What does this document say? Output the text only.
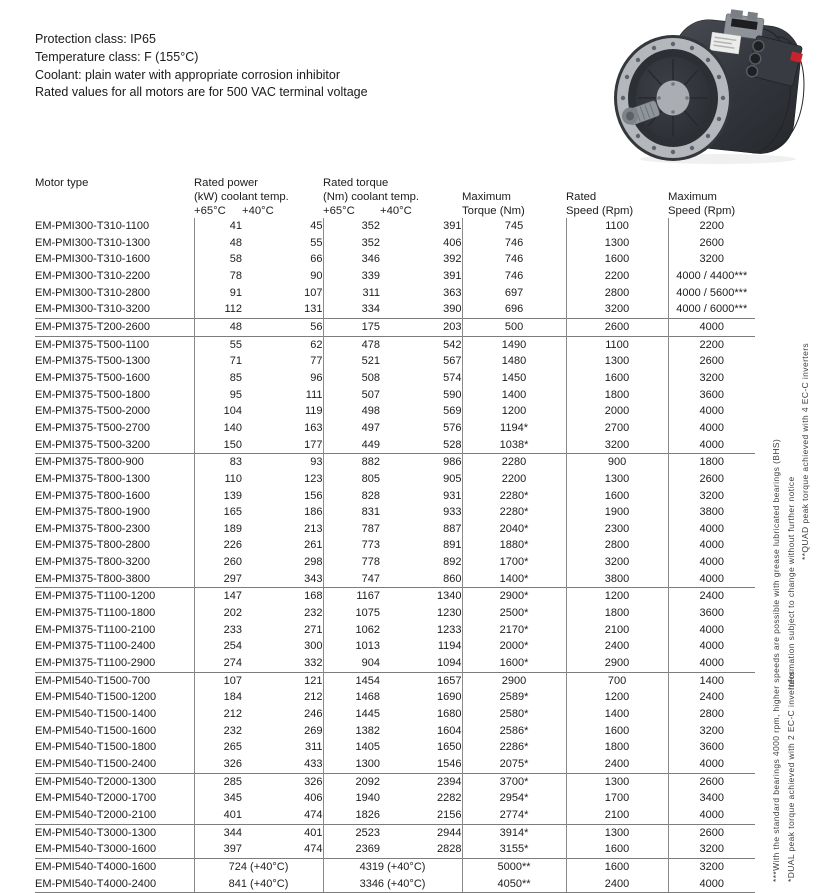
Protection class: IP65
Temperature class: F (155°C)
Coolant: plain water with appropriate corrosion inhibitor
Rated values for all motors are for 500 VAC terminal voltage
Motor type	Rated power		Rated torque				
	(kW) coolant temp.		(Nm) coolant temp.		Maximum	Rated	Maximum
	+65°C	+40°C	+65°C	+40°C	Torque (Nm)	Speed (Rpm)	Speed (Rpm)
EM-PMI300-T310-1100	41	45	352	391	745	1100	2200
EM-PMI300-T310-1300	48	55	352	406	746	1300	2600
EM-PMI300-T310-1600	58	66	346	392	746	1600	3200
EM-PMI300-T310-2200	78	90	339	391	746	2200	4000 / 4400***
EM-PMI300-T310-2800	91	107	311	363	697	2800	4000 / 5600***
EM-PMI300-T310-3200	112	131	334	390	696	3200	4000 / 6000***
EM-PMI375-T200-2600	48	56	175	203	500	2600	4000
EM-PMI375-T500-1100	55	62	478	542	1490	1100	2200
EM-PMI375-T500-1300	71	77	521	567	1480	1300	2600
EM-PMI375-T500-1600	85	96	508	574	1450	1600	3200
EM-PMI375-T500-1800	95	111	507	590	1400	1800	3600
EM-PMI375-T500-2000	104	119	498	569	1200	2000	4000
EM-PMI375-T500-2700	140	163	497	576	1194*	2700	4000
EM-PMI375-T500-3200	150	177	449	528	1038*	3200	4000
EM-PMI375-T800-900	83	93	882	986	2280	900	1800
EM-PMI375-T800-1300	110	123	805	905	2200	1300	2600
EM-PMI375-T800-1600	139	156	828	931	2280*	1600	3200
EM-PMI375-T800-1900	165	186	831	933	2280*	1900	3800
EM-PMI375-T800-2300	189	213	787	887	2040*	2300	4000
EM-PMI375-T800-2800	226	261	773	891	1880*	2800	4000
EM-PMI375-T800-3200	260	298	778	892	1700*	3200	4000
EM-PMI375-T800-3800	297	343	747	860	1400*	3800	4000
EM-PMI375-T1100-1200	147	168	1167	1340	2900*	1200	2400
EM-PMI375-T1100-1800	202	232	1075	1230	2500*	1800	3600
EM-PMI375-T1100-2100	233	271	1062	1233	2170*	2100	4000
EM-PMI375-T1100-2400	254	300	1013	1194	2000*	2400	4000
EM-PMI375-T1100-2900	274	332	904	1094	1600*	2900	4000
EM-PMI540-T1500-700	107	121	1454	1657	2900	700	1400
EM-PMI540-T1500-1200	184	212	1468	1690	2589*	1200	2400
EM-PMI540-T1500-1400	212	246	1445	1680	2580*	1400	2800
EM-PMI540-T1500-1600	232	269	1382	1604	2586*	1600	3200
EM-PMI540-T1500-1800	265	311	1405	1650	2286*	1800	3600
EM-PMI540-T1500-2400	326	433	1300	1546	2075*	2400	4000
EM-PMI540-T2000-1300	285	326	2092	2394	3700*	1300	2600
EM-PMI540-T2000-1700	345	406	1940	2282	2954*	1700	3400
EM-PMI540-T2000-2100	401	474	1826	2156	2774*	2100	4000
EM-PMI540-T3000-1300	344	401	2523	2944	3914*	1300	2600
EM-PMI540-T3000-1600	397	474	2369	2828	3155*	1600	3200
EM-PMI540-T4000-1600	724 (+40°C)		4319 (+40°C)		5000**	1600	3200
EM-PMI540-T4000-2400	841 (+40°C)		3346 (+40°C)		4050**	2400	4000
***With the standard bearings 4000 rpm, higher speeds are possible with grease lubricated bearings (BHS) *DUAL peak torque achieved with 2 EC-C inverters
Information subject to change without further notice
**QUAD peak torque achieved with 4 EC-C inverters
